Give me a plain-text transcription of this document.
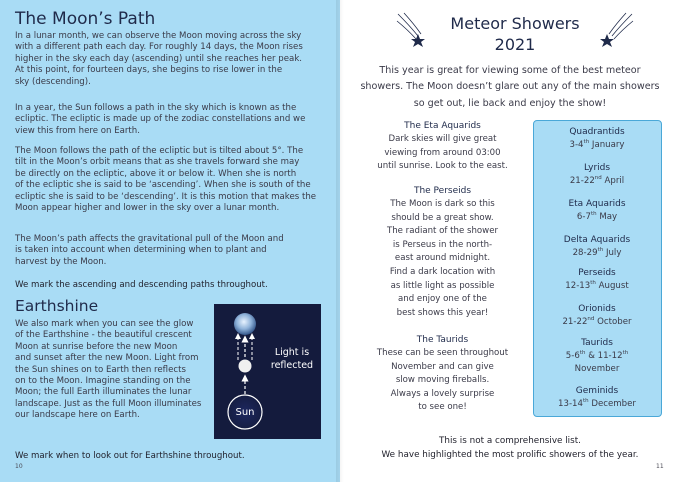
The Moon’s Path

In a lunar month, we can observe the Moon moving across the sky
with a different path each day. For roughly 14 days, the Moon rises
higher in the sky each day (ascending) until she reaches her peak.
At this point, for fourteen days, she begins to rise lower in the
sky (descending).

In a year, the Sun follows a path in the sky which is known as the
ecliptic. The ecliptic is made up of the zodiac constellations and we
view this from here on Earth.

The Moon follows the path of the ecliptic but is tilted about 5°. The
tilt in the Moon’s orbit means that as she travels forward she may
be directly on the ecliptic, above it or below it. When she is north
of the ecliptic she is said to be ‘ascending’. When she is south of the
ecliptic she is said to be ‘descending’. It is this motion that makes the
Moon appear higher and lower in the sky over a lunar month.

The Moon’s path affects the gravitational pull of the Moon and
is taken into account when determining when to plant and
harvest by the Moon.

We mark the ascending and descending paths throughout.

Earthshine

We also mark when you can see the glow
of the Earthshine - the beautiful crescent
Moon at sunrise before the new Moon
and sunset after the new Moon. Light from
the Sun shines on to Earth then reflects
on to the Moon. Imagine standing on the
Moon; the full Earth illuminates the lunar
landscape. Just as the full Moon illuminates
our landscape here on Earth.

We mark when to look out for Earthshine throughout.

Light is
reflected
Sun
10
Meteor Showers
2021

This year is great for viewing some of the best meteor showers. The Moon doesn’t glare out any of the main showers so get out, lie back and enjoy the show!

The Eta Aquarids
Dark skies will give great
viewing from around 03:00
until sunrise. Look to the east.
The Perseids
The Moon is dark so this
should be a great show.
The radiant of the shower
is Perseus in the north-
east around midnight.
Find a dark location with
as little light as possible
and enjoy one of the
best shows this year!
The Taurids
These can be seen throughout
November and can give
slow moving fireballs.
Always a lovely surprise
to see one!
Quadrantids
3-4th January
Lyrids
21-22nd April
Eta Aquarids
6-7th May
Delta Aquarids
28-29th July
Perseids
12-13th August
Orionids
21-22nd October
Taurids
5-6th & 11-12th
November
Geminids
13-14th December

This is not a comprehensive list.

We have highlighted the most prolific showers of the year.

11
